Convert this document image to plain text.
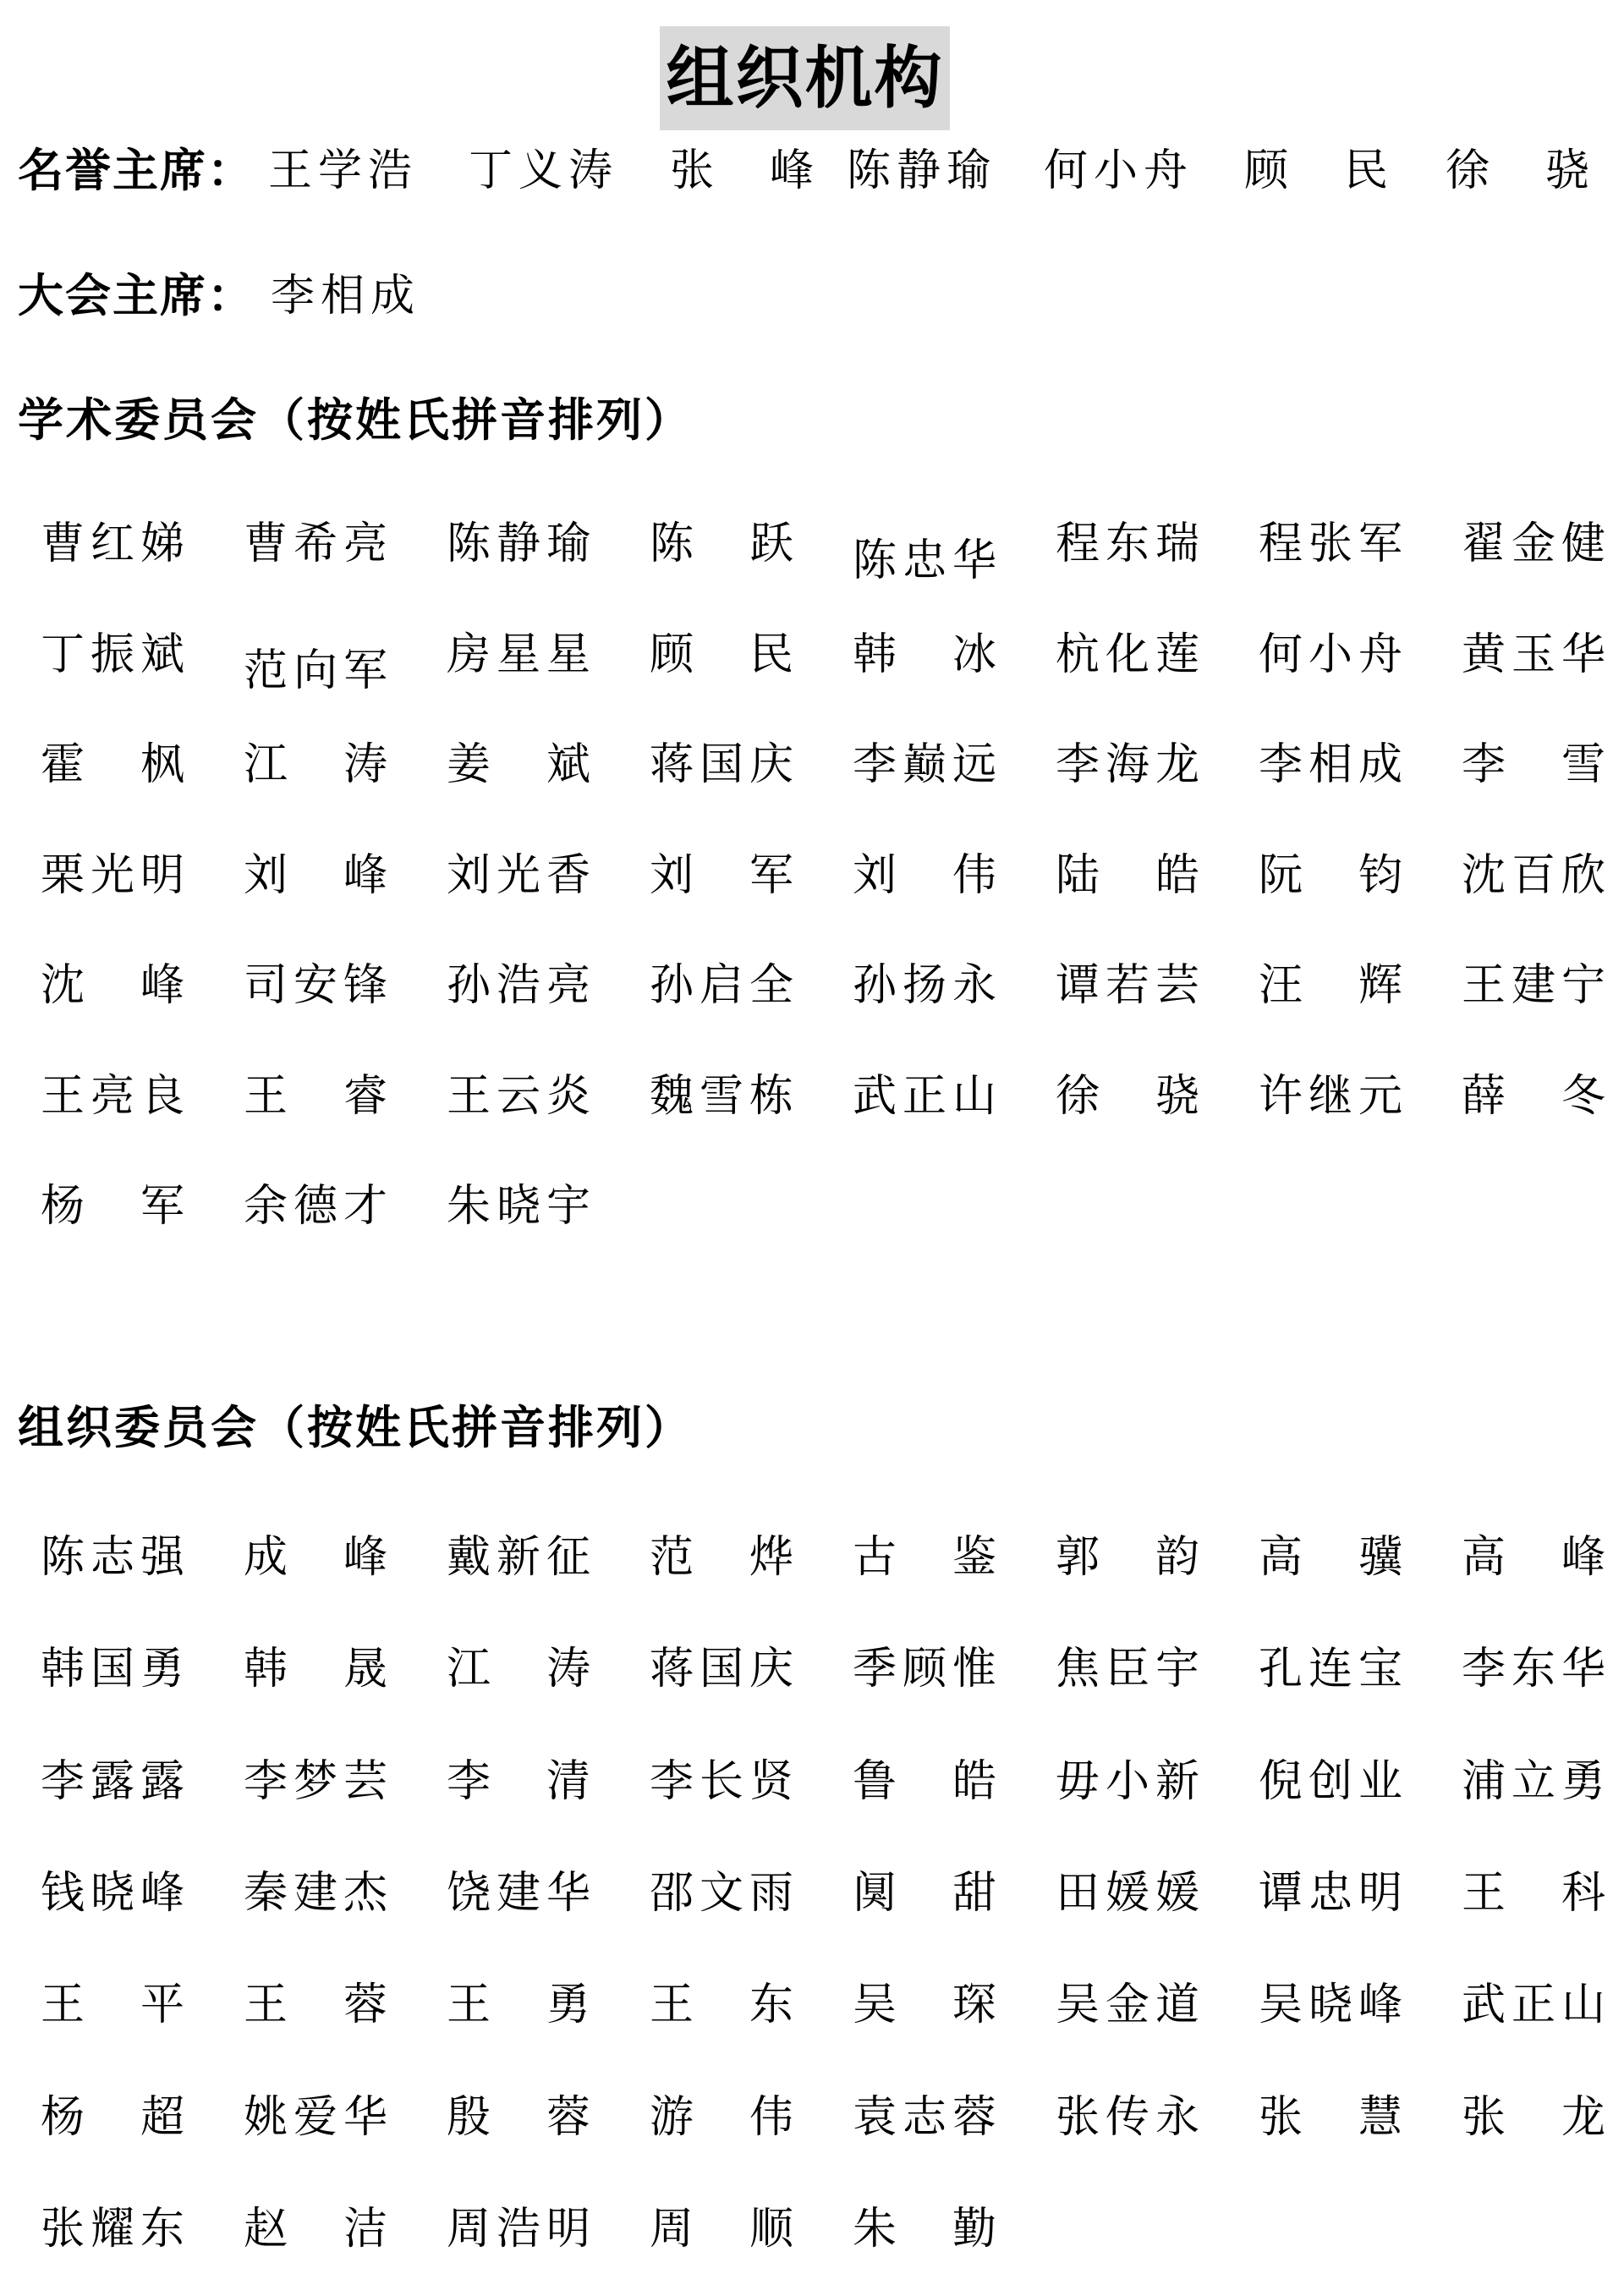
组织机构
名誉主席：
大会主席：
学术委员会（按姓氏拼音排列）
组织委员会（按姓氏拼音排列）
王学浩 丁义涛 张　峰 陈静瑜 何小舟 顾　民 徐　骁
李相成
曹红娣 曹希亮 陈静瑜 陈　跃 陈忠华 程东瑞 程张军 翟金健
丁振斌 范向军 房星星 顾　民 韩　冰 杭化莲 何小舟 黄玉华
霍　枫 江　涛 姜　斌 蒋国庆 李巅远 李海龙 李相成 李　雪
栗光明 刘　峰 刘光香 刘　军 刘　伟 陆　皓 阮　钧 沈百欣
沈　峰 司安锋 孙浩亮 孙启全 孙扬永 谭若芸 汪　辉 王建宁
王亮良 王　睿 王云炎 魏雪栋 武正山 徐　骁 许继元 薛　冬
杨　军 余德才 朱晓宇
陈志强 成　峰 戴新征 范　烨 古　鉴 郭　韵 高　骥 高　峰
韩国勇 韩　晟 江　涛 蒋国庆 季顾惟 焦臣宇 孔连宝 李东华
李露露 李梦芸 李　清 李长贤 鲁　皓 毋小新 倪创业 浦立勇
钱晓峰 秦建杰 饶建华 邵文雨 阒　甜 田媛媛 谭忠明 王　科
王　平 王　蓉 王　勇 王　东 吴　琛 吴金道 吴晓峰 武正山
杨　超 姚爱华 殷　蓉 游　伟 袁志蓉 张传永 张　慧 张　龙
张耀东 赵　洁 周浩明 周　顺 朱　勤
